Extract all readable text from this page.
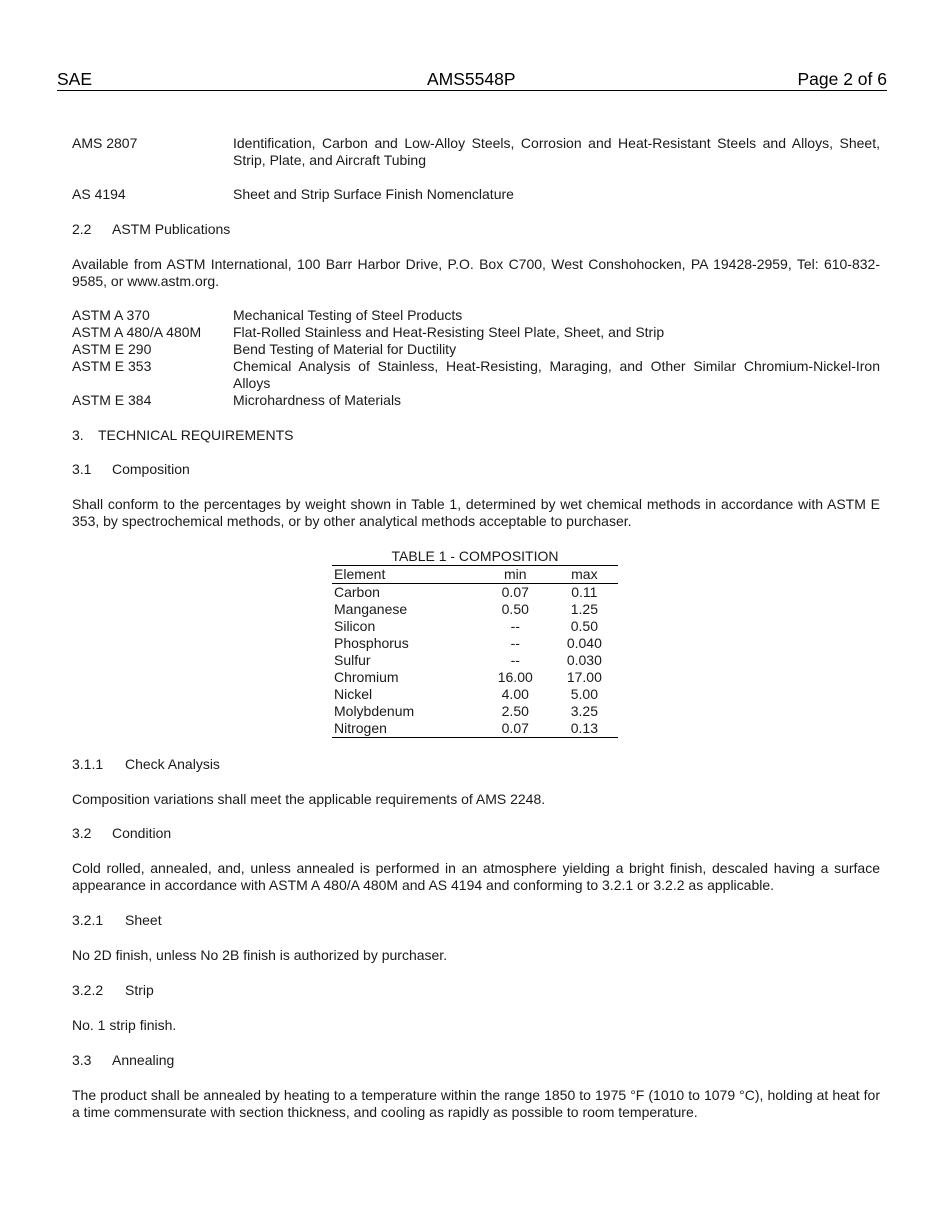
SAE	AMS5548P	Page 2 of 6
AMS 2807	Identification, Carbon and Low-Alloy Steels, Corrosion and Heat-Resistant Steels and Alloys, Sheet, Strip, Plate, and Aircraft Tubing
AS 4194	Sheet and Strip Surface Finish Nomenclature
2.2	ASTM Publications
Available from ASTM International, 100 Barr Harbor Drive, P.O. Box C700, West Conshohocken, PA 19428-2959, Tel: 610-832-9585, or www.astm.org.
ASTM A 370	Mechanical Testing of Steel Products
ASTM A 480/A 480M	Flat-Rolled Stainless and Heat-Resisting Steel Plate, Sheet, and Strip
ASTM E 290	Bend Testing of Material for Ductility
ASTM E 353	Chemical Analysis of Stainless, Heat-Resisting, Maraging, and Other Similar Chromium-Nickel-Iron Alloys
ASTM E 384	Microhardness of Materials
3.	TECHNICAL REQUIREMENTS
3.1	Composition
Shall conform to the percentages by weight shown in Table 1, determined by wet chemical methods in accordance with ASTM E 353, by spectrochemical methods, or by other analytical methods acceptable to purchaser.
TABLE 1 - COMPOSITION
Element	min	max
Carbon	0.07	0.11
Manganese	0.50	1.25
Silicon	--	0.50
Phosphorus	--	0.040
Sulfur	--	0.030
Chromium	16.00	17.00
Nickel	4.00	5.00
Molybdenum	2.50	3.25
Nitrogen	0.07	0.13
3.1.1	Check Analysis
Composition variations shall meet the applicable requirements of AMS 2248.
3.2	Condition
Cold rolled, annealed, and, unless annealed is performed in an atmosphere yielding a bright finish, descaled having a surface appearance in accordance with ASTM A 480/A 480M and AS 4194 and conforming to 3.2.1 or 3.2.2 as applicable.
3.2.1	Sheet
No 2D finish, unless No 2B finish is authorized by purchaser.
3.2.2	Strip
No. 1 strip finish.
3.3	Annealing
The product shall be annealed by heating to a temperature within the range 1850 to 1975 °F (1010 to 1079 °C), holding at heat for a time commensurate with section thickness, and cooling as rapidly as possible to room temperature.
